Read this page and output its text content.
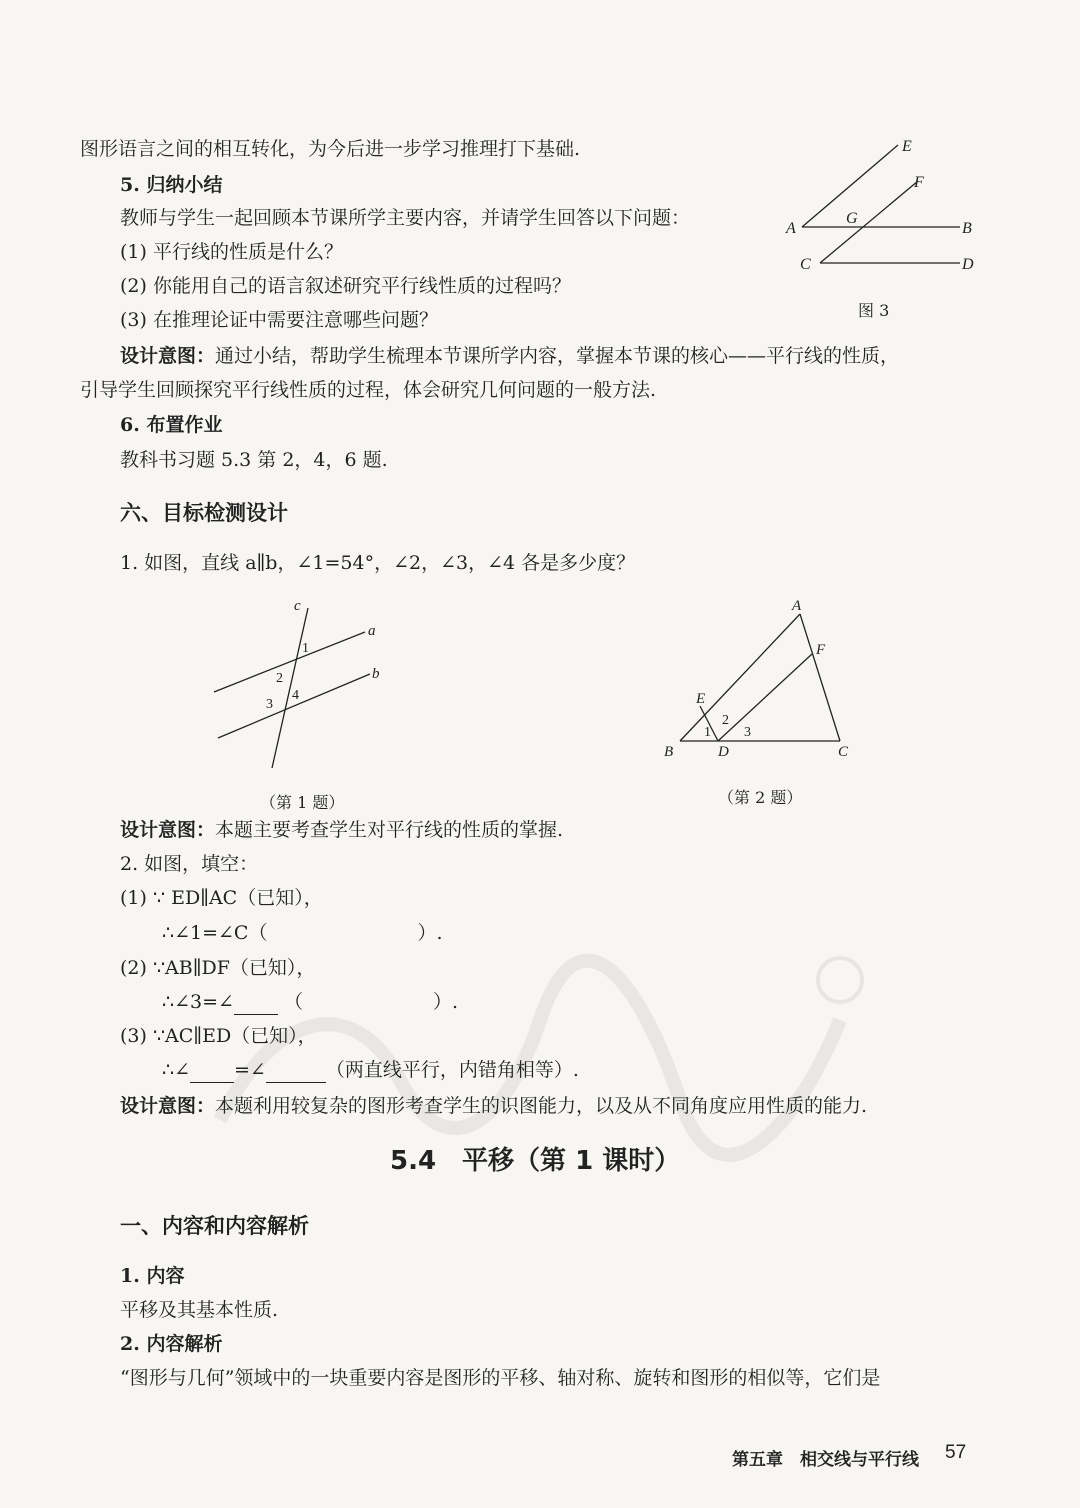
图形语言之间的相互转化，为今后进一步学习推理打下基础.

5. 归纳小结

教师与学生一起回顾本节课所学主要内容，并请学生回答以下问题：

(1) 平行线的性质是什么？

(2) 你能用自己的语言叙述研究平行线性质的过程吗？

(3) 在推理论证中需要注意哪些问题？

设计意图：通过小结，帮助学生梳理本节课所学内容，掌握本节课的核心——平行线的性质，

引导学生回顾探究平行线性质的过程，体会研究几何问题的一般方法.

E
F
A
G
B
C	D
图 3

6. 布置作业

教科书习题 5.3 第 2，4，6 题.

六、目标检测设计

1. 如图，直线 a∥b，∠1=54°，∠2，∠3，∠4 各是多少度？

c
a
b
1
2
3
4
（第 1 题）
A
F
E
B	D	C
1
2
3
（第 2 题）

设计意图：本题主要考查学生对平行线的性质的掌握.

2. 如图，填空：

(1) ∵ ED∥AC（已知），

∴∠1=∠C（	）.

(2) ∵AB∥DF（已知），

∴∠3=∠	（	）.

(3) ∵AC∥ED（已知），

∴∠ =∠	（两直线平行，内错角相等）.

设计意图：本题利用较复杂的图形考查学生的识图能力，以及从不同角度应用性质的能力.

5.4　平移（第 1 课时）

一、内容和内容解析

1. 内容

平移及其基本性质.

2. 内容解析

“图形与几何”领域中的一块重要内容是图形的平移、轴对称、旋转和图形的相似等，它们是

第五章　相交线与平行线 57
